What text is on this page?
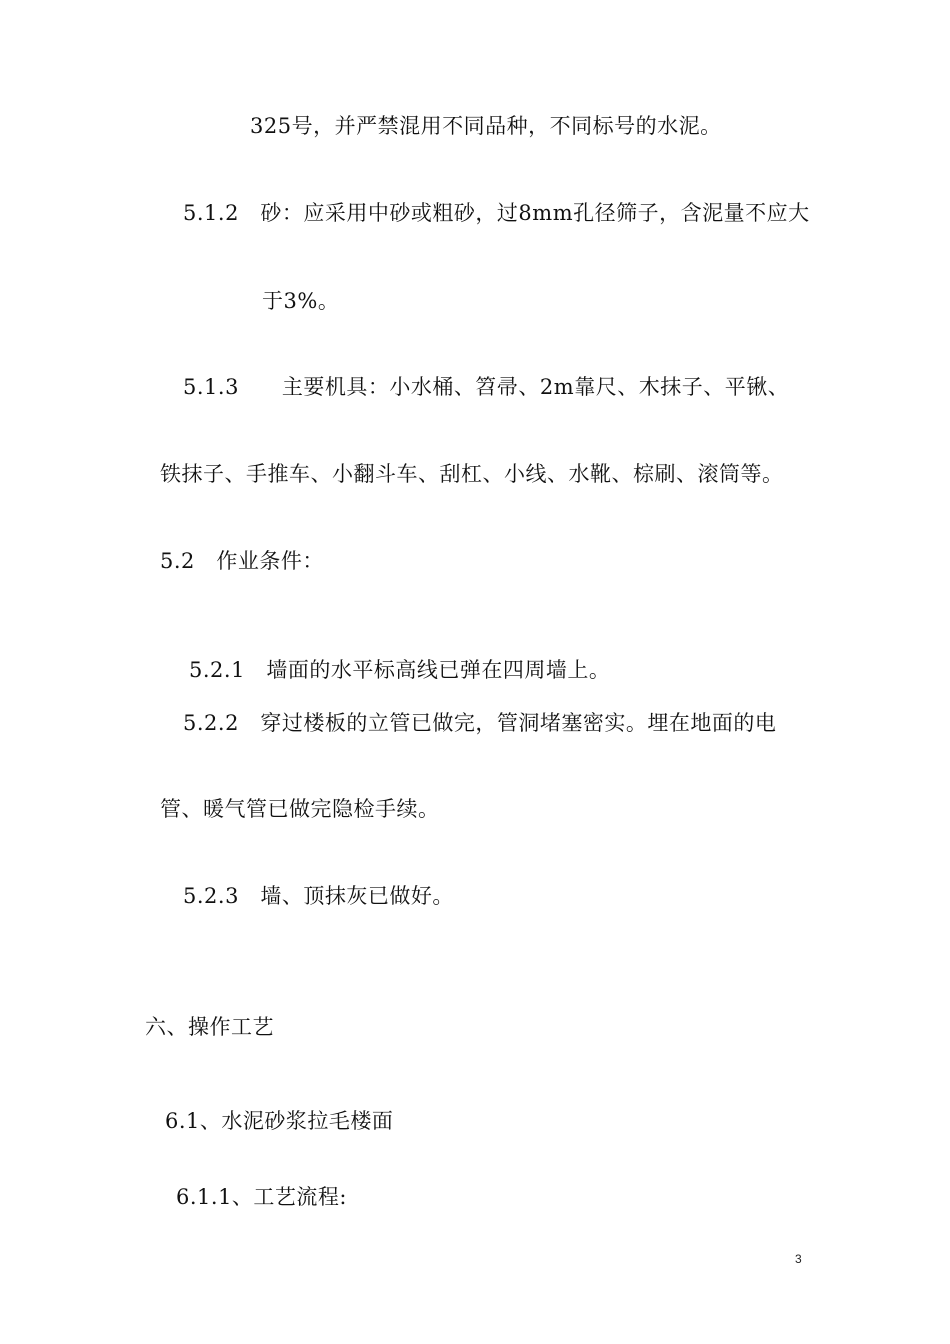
325号，并严禁混用不同品种，不同标号的水泥。
5.1.2　砂：应采用中砂或粗砂，过8mm孔径筛子，含泥量不应大
于3%。
5.1.3　　主要机具：小水桶、笤帚、2m靠尺、木抹子、平锹、
铁抹子、手推车、小翻斗车、刮杠、小线、水靴、棕刷、滚筒等。
5.2　作业条件：
5.2.1　墙面的水平标高线已弹在四周墙上。
5.2.2　穿过楼板的立管已做完，管洞堵塞密实。埋在地面的电
管、暖气管已做完隐检手续。
5.2.3　墙、顶抹灰已做好。
六、操作工艺
6.1、水泥砂浆拉毛楼面
6.1.1、工艺流程:
3
